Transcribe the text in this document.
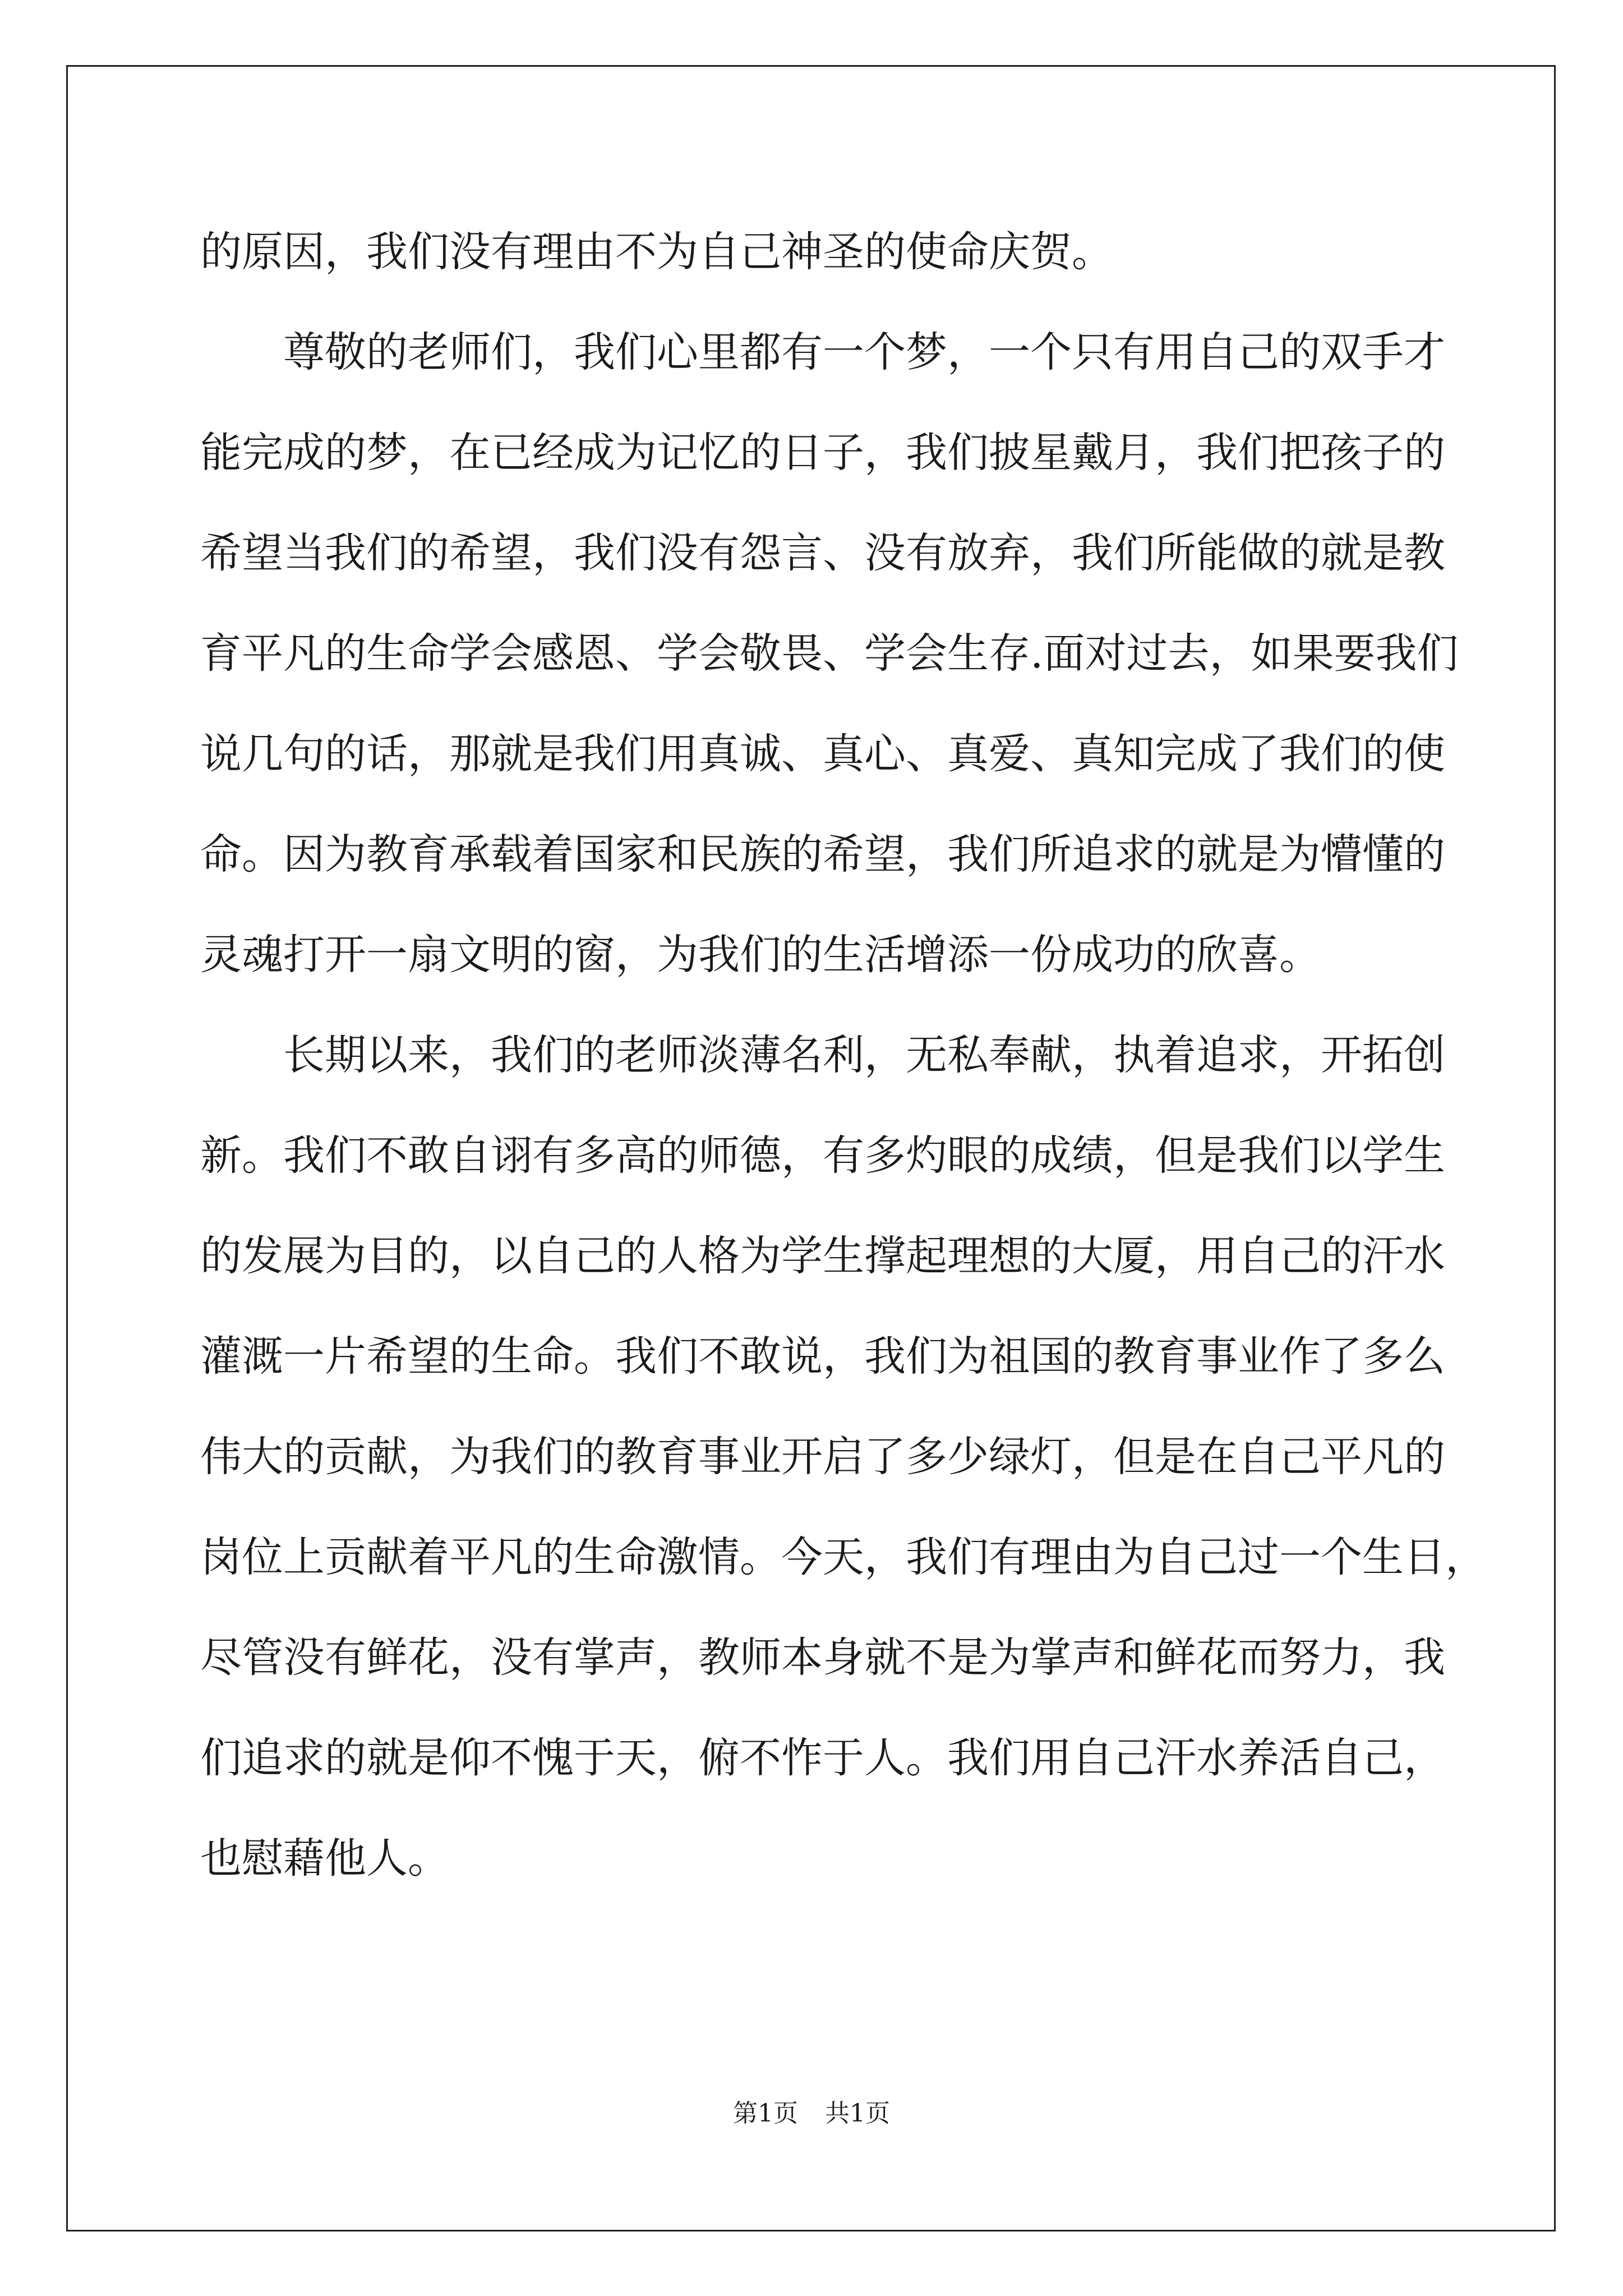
的原因，我们没有理由不为自己神圣的使命庆贺。
　　尊敬的老师们，我们心里都有一个梦，一个只有用自己的双手才
能完成的梦，在已经成为记忆的日子，我们披星戴月，我们把孩子的
希望当我们的希望，我们没有怨言、没有放弃，我们所能做的就是教
育平凡的生命学会感恩、学会敬畏、学会生存.面对过去，如果要我们
说几句的话，那就是我们用真诚、真心、真爱、真知完成了我们的使
命。因为教育承载着国家和民族的希望，我们所追求的就是为懵懂的
灵魂打开一扇文明的窗，为我们的生活增添一份成功的欣喜。
　　长期以来，我们的老师淡薄名利，无私奉献，执着追求，开拓创
新。我们不敢自诩有多高的师德，有多灼眼的成绩，但是我们以学生
的发展为目的，以自己的人格为学生撑起理想的大厦，用自己的汗水
灌溉一片希望的生命。我们不敢说，我们为祖国的教育事业作了多么
伟大的贡献，为我们的教育事业开启了多少绿灯，但是在自己平凡的
岗位上贡献着平凡的生命激情。今天，我们有理由为自己过一个生日，
尽管没有鲜花，没有掌声，教师本身就不是为掌声和鲜花而努力，我
们追求的就是仰不愧于天，俯不怍于人。我们用自己汗水养活自己，
也慰藉他人。
第1页 共1页
